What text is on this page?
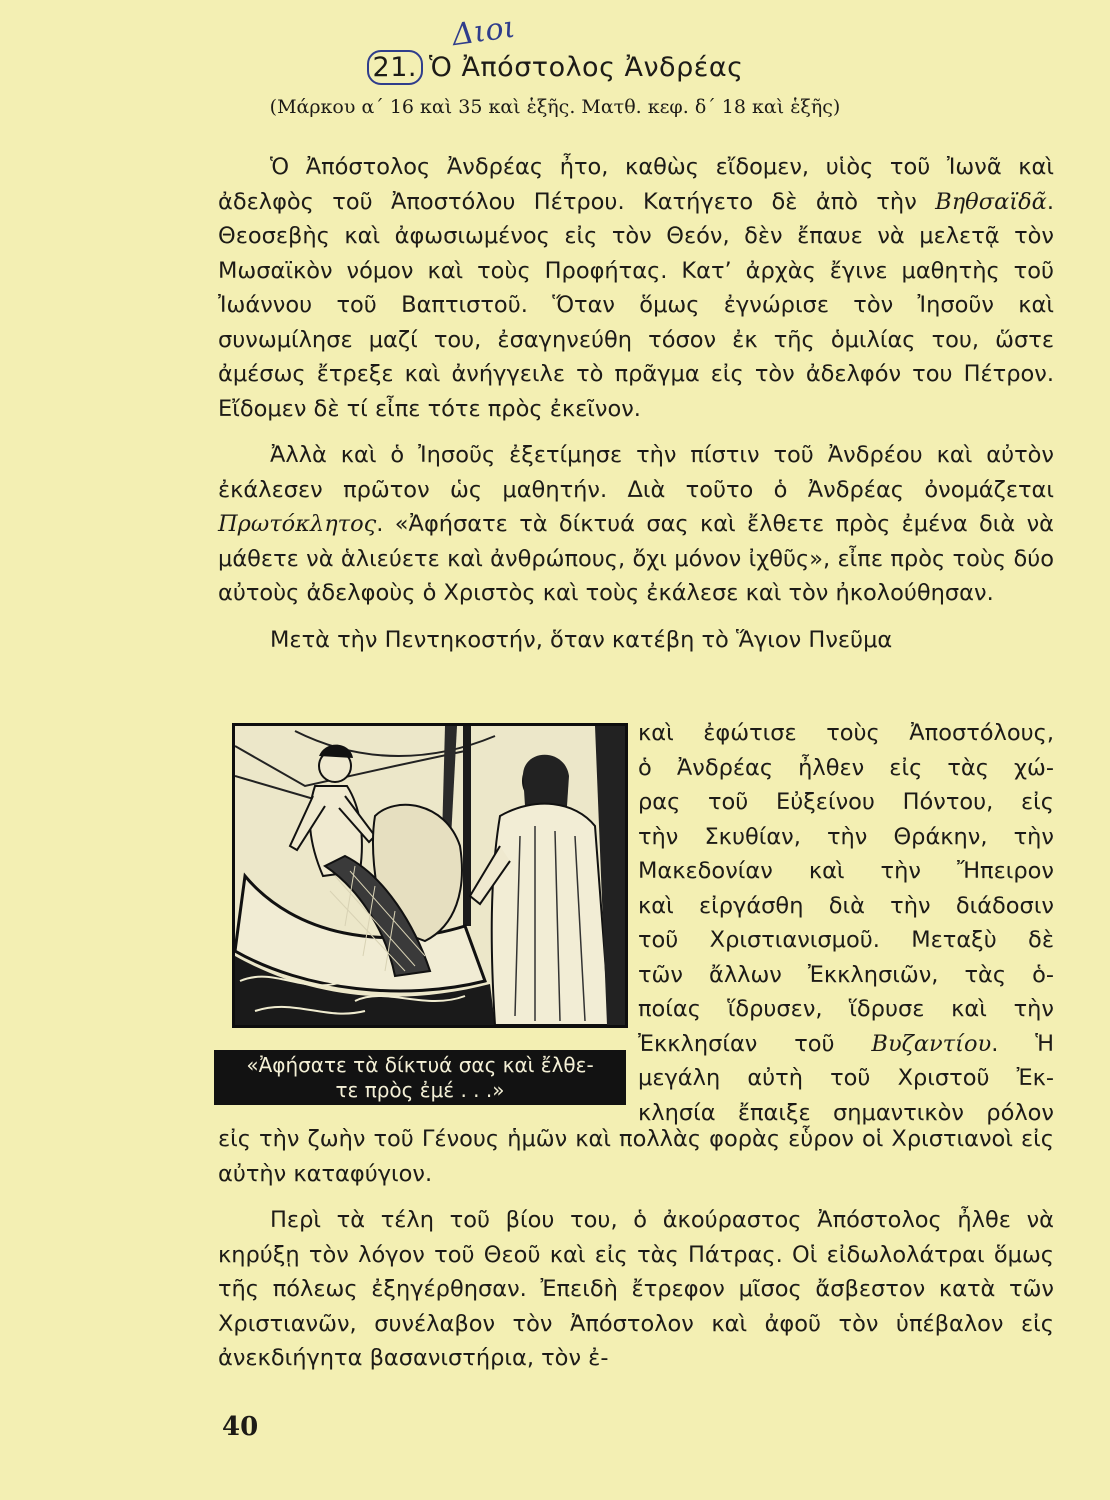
Διοι
21. Ὁ Ἀπόστολος Ἀνδρέας
(Μάρκου α΄ 16 καὶ 35 καὶ ἑξῆς. Ματθ. κεφ. δ΄ 18 καὶ ἑξῆς)

Ὁ Ἀπόστολος Ἀνδρέας ἦτο, καθὼς εἴδομεν, υἱὸς τοῦ Ἰωνᾶ καὶ ἀδελφὸς τοῦ Ἀποστόλου Πέτρου. Κατήγετο δὲ ἀπὸ τὴν Βηθσαϊδᾶ. Θεοσεβὴς καὶ ἀφωσιωμένος εἰς τὸν Θεόν, δὲν ἔπαυε νὰ μελετᾷ τὸν Μωσαϊκὸν νόμον καὶ τοὺς Προφήτας. Κατ’ ἀρχὰς ἔγινε μαθητὴς τοῦ Ἰωάννου τοῦ Βαπτιστοῦ. Ὅταν ὅμως ἐγνώρισε τὸν Ἰησοῦν καὶ συνωμίλησε μαζί του, ἐσαγηνεύθη τόσον ἐκ τῆς ὁμιλίας του, ὥστε ἀμέσως ἔτρεξε καὶ ἀνήγγειλε τὸ πρᾶγμα εἰς τὸν ἀδελφόν του Πέτρον. Εἴδομεν δὲ τί εἶπε τότε πρὸς ἐκεῖνον.

Ἀλλὰ καὶ ὁ Ἰησοῦς ἐξετίμησε τὴν πίστιν τοῦ Ἀνδρέου καὶ αὐτὸν ἐκάλεσεν πρῶτον ὡς μαθητήν. Διὰ τοῦτο ὁ Ἀνδρέας ὀνομάζεται Πρωτόκλητος. «Ἀφήσατε τὰ δίκτυά σας καὶ ἔλθετε πρὸς ἐμένα διὰ νὰ μάθετε νὰ ἁλιεύετε καὶ ἀνθρώπους, ὄχι μόνον ἰχθῦς», εἶπε πρὸς τοὺς δύο αὐτοὺς ἀδελφοὺς ὁ Χριστὸς καὶ τοὺς ἐκάλεσε καὶ τὸν ἠκολούθησαν.

Μετὰ τὴν Πεντηκοστήν, ὅταν κατέβη τὸ Ἅγιον Πνεῦμα

«Ἀφήσατε τὰ δίκτυά σας καὶ ἔλθε-
τε πρὸς ἐμέ . . .»
καὶ ἐφώτισε τοὺς Ἀποστόλους,
ὁ Ἀνδρέας ἦλθεν εἰς τὰς χώ-
ρας τοῦ Εὐξείνου Πόντου, εἰς
τὴν Σκυθίαν, τὴν Θράκην, τὴν
Μακεδονίαν καὶ τὴν Ἤπειρον
καὶ εἰργάσθη διὰ τὴν διάδοσιν
τοῦ Χριστιανισμοῦ. Μεταξὺ δὲ
τῶν ἄλλων Ἐκκλησιῶν, τὰς ὁ-
ποίας ἵδρυσεν, ἵδρυσε καὶ τὴν
Ἐκκλησίαν τοῦ Βυζαντίου. Ἡ
μεγάλη αὐτὴ τοῦ Χριστοῦ Ἐκ-
κλησία ἔπαιξε σημαντικὸν ρόλον

εἰς τὴν ζωὴν τοῦ Γένους ἡμῶν καὶ πολλὰς φορὰς εὗρον οἱ Χριστιανοὶ εἰς αὐτὴν καταφύγιον.

Περὶ τὰ τέλη τοῦ βίου του, ὁ ἀκούραστος Ἀπόστολος ἦλθε νὰ κηρύξῃ τὸν λόγον τοῦ Θεοῦ καὶ εἰς τὰς Πάτρας. Οἱ εἰδωλολάτραι ὅμως τῆς πόλεως ἐξηγέρθησαν. Ἐπειδὴ ἔτρεφον μῖσος ἄσβεστον κατὰ τῶν Χριστιανῶν, συνέλαβον τὸν Ἀπόστολον καὶ ἀφοῦ τὸν ὑπέβαλον εἰς ἀνεκδιήγητα βασανιστήρια, τὸν ἐ-

40
